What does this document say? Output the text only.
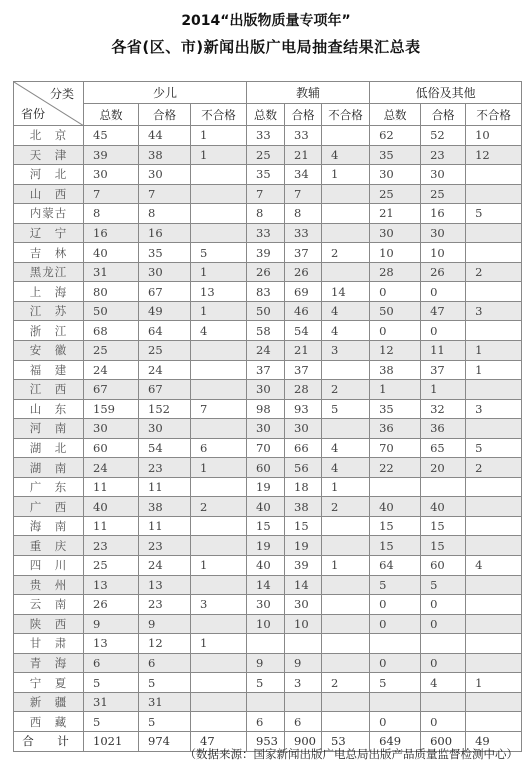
2014“出版物质量专项年”
各省(区、市)新闻出版广电局抽查结果汇总表
分类
省份	少儿			教辅			低俗及其他		
	总数	合格	不合格	总数	合格	不合格	总数	合格	不合格
北　京	45	44	1	33	33		62	52	10
天　津	39	38	1	25	21	4	35	23	12
河　北	30	30		35	34	1	30	30	
山　西	7	7		7	7		25	25	
内蒙古	8	8		8	8		21	16	5
辽　宁	16	16		33	33		30	30	
吉　林	40	35	5	39	37	2	10	10	
黑龙江	31	30	1	26	26		28	26	2
上　海	80	67	13	83	69	14	0	0	
江　苏	50	49	1	50	46	4	50	47	3
浙　江	68	64	4	58	54	4	0	0	
安　徽	25	25		24	21	3	12	11	1
福　建	24	24		37	37		38	37	1
江　西	67	67		30	28	2	1	1	
山　东	159	152	7	98	93	5	35	32	3
河　南	30	30		30	30		36	36	
湖　北	60	54	6	70	66	4	70	65	5
湖　南	24	23	1	60	56	4	22	20	2
广　东	11	11		19	18	1			
广　西	40	38	2	40	38	2	40	40	
海　南	11	11		15	15		15	15	
重　庆	23	23		19	19		15	15	
四　川	25	24	1	40	39	1	64	60	4
贵　州	13	13		14	14		5	5	
云　南	26	23	3	30	30		0	0	
陕　西	9	9		10	10		0	0	
甘　肃	13	12	1						
青　海	6	6		9	9		0	0	
宁　夏	5	5		5	3	2	5	4	1
新　疆	31	31							
西　藏	5	5		6	6		0	0	
合　计	1021	974	47	953	900	53	649	600	49
（数据来源：国家新闻出版广电总局出版产品质量监督检测中心）
